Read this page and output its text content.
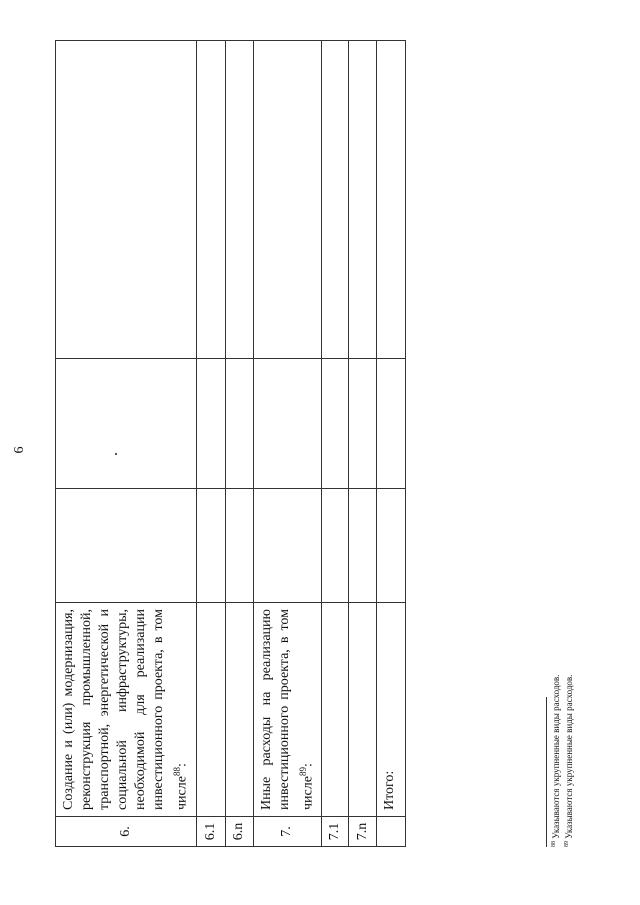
6
6.	Создание и (или) модернизация, реконструкция промышленной, транспортной, энергетической и социальной инфраструктуры, необходимой для реализации инвестиционного проекта, в том числе$^{88}$:			
6.1				
6.n				
7.	Иные расходы на реализацию инвестиционного проекта, в том числе$^{89}$:			
7.1				
7.n				
	Итого:			
$^{88}$ Указываются укрупненные виды расходов.
$^{89}$ Указываются укрупненные виды расходов.
